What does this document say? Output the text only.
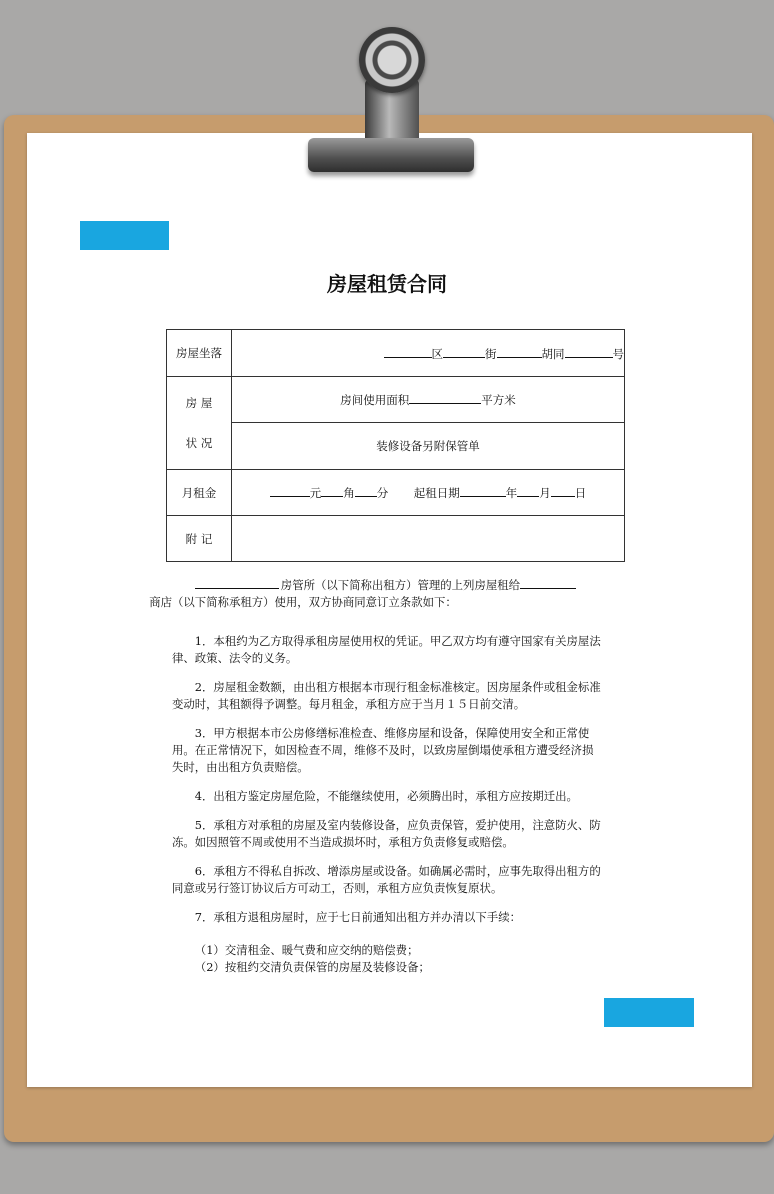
房屋租赁合同
房屋坐落	区 街 胡同 号

房 屋
状 况	房间使用面积 平方米
	装修设备另附保管单
月租金	元 角 分 起租日期 年 月 日
附 记	

房管所（以下简称出租方）管理的上列房屋租给
商店（以下简称承租方）使用，双方协商同意订立条款如下：

1．本租约为乙方取得承租房屋使用权的凭证。甲乙双方均有遵守国家有关房屋法律、政策、法令的义务。

2．房屋租金数额，由出租方根据本市现行租金标准核定。因房屋条件或租金标准变动时，其租额得予调整。每月租金，承租方应于当月１５日前交清。

3．甲方根据本市公房修缮标准检查、维修房屋和设备，保障使用安全和正常使用。在正常情况下，如因检查不周，维修不及时，以致房屋倒塌使承租方遭受经济损失时，由出租方负责赔偿。

4．出租方鉴定房屋危险，不能继续使用，必须腾出时，承租方应按期迁出。

5．承租方对承租的房屋及室内装修设备，应负责保管，爱护使用，注意防火、防冻。如因照管不周或使用不当造成损坏时，承租方负责修复或赔偿。

6．承租方不得私自拆改、增添房屋或设备。如确属必需时，应事先取得出租方的同意或另行签订协议后方可动工，否则，承租方应负责恢复原状。

7．承租方退租房屋时，应于七日前通知出租方并办清以下手续：

（1）交清租金、暖气费和应交纳的赔偿费；

（2）按租约交清负责保管的房屋及装修设备；
